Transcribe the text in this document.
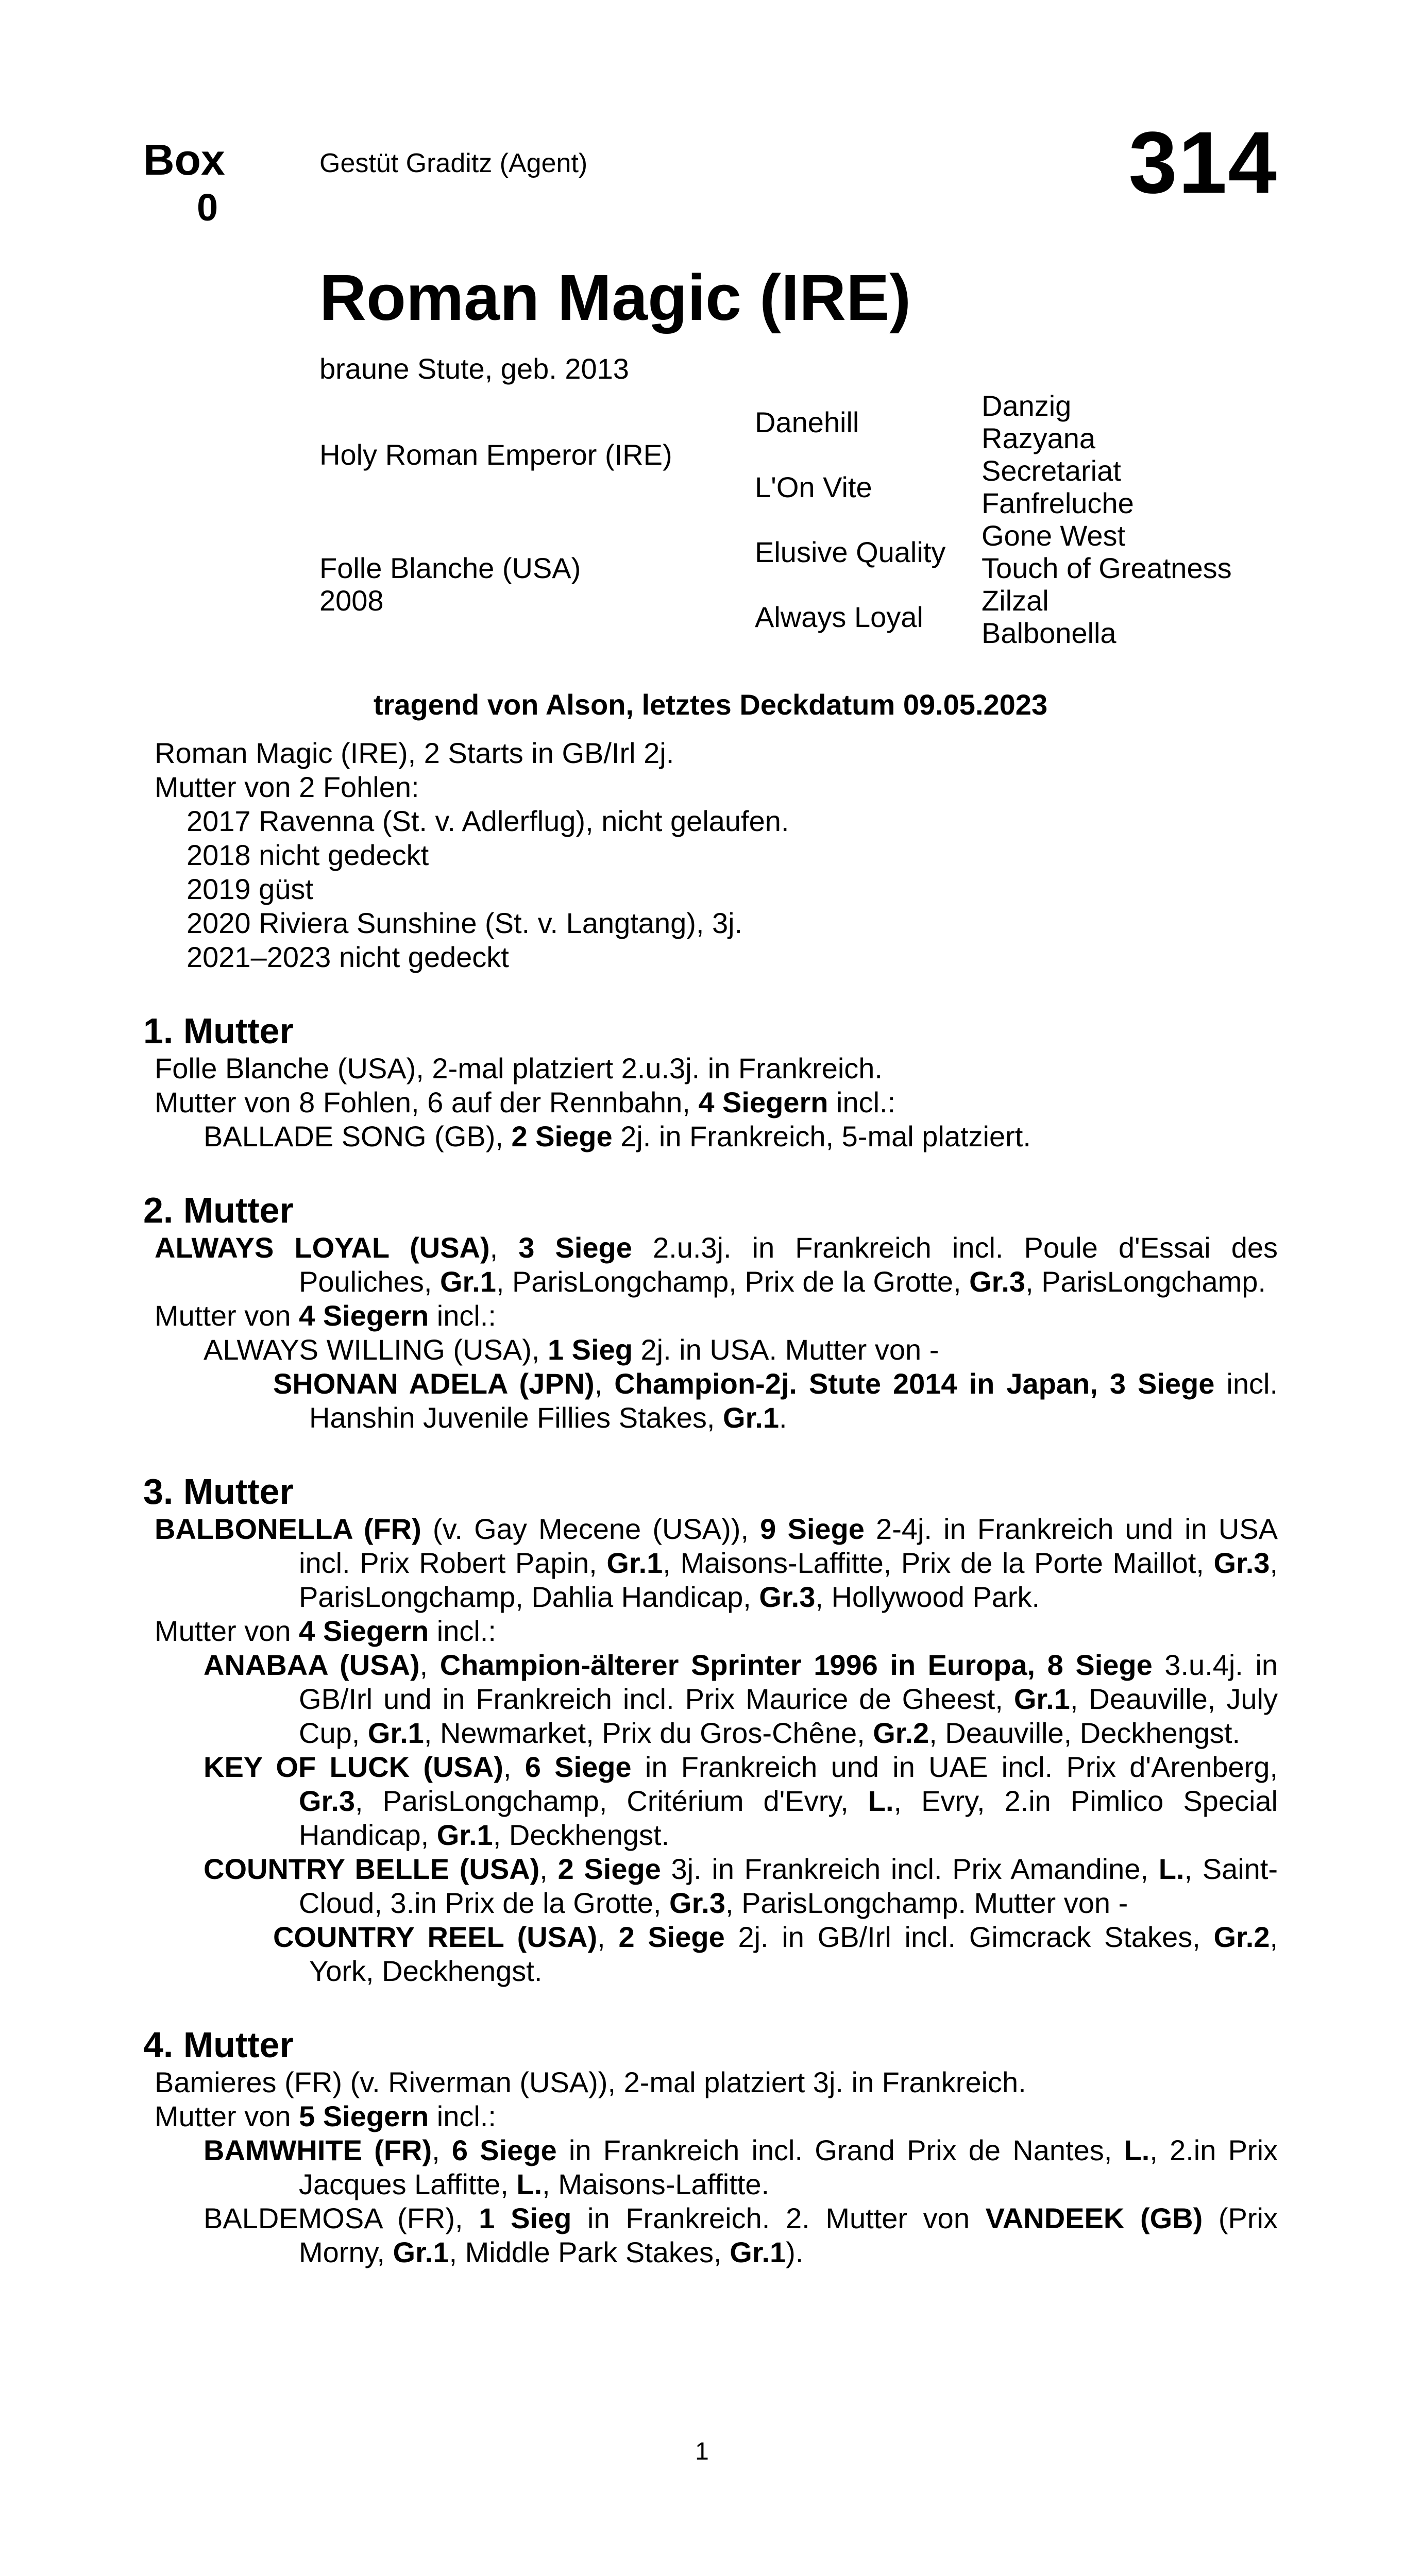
Box
0
Gestüt Graditz (Agent)	314
Roman Magic (IRE)
braune Stute, geb. 2013
Holy Roman Emperor (IRE)
Folle Blanche (USA)
2008
Danehill
L'On Vite
Elusive Quality
Always Loyal
Danzig
Razyana
Secretariat
Fanfreluche
Gone West
Touch of Greatness
Zilzal
Balbonella
tragend von Alson, letztes Deckdatum 09.05.2023
Roman Magic (IRE), 2 Starts in GB/Irl 2j.
Mutter von 2 Fohlen:
2017 Ravenna (St. v. Adlerflug), nicht gelaufen.
2018 nicht gedeckt
2019 güst
2020 Riviera Sunshine (St. v. Langtang), 3j.
2021–2023 nicht gedeckt
1. Mutter

Folle Blanche (USA), 2-mal platziert 2.u.3j. in Frankreich.

Mutter von 8 Fohlen, 6 auf der Rennbahn, 4 Siegern incl.:

BALLADE SONG (GB), 2 Siege 2j. in Frankreich, 5-mal platziert.

2. Mutter

ALWAYS LOYAL (USA), 3 Siege 2.u.3j. in Frankreich incl. Poule d'Essai des Pouliches, Gr.1, ParisLongchamp, Prix de la Grotte, Gr.3, ParisLongchamp.

Mutter von 4 Siegern incl.:

ALWAYS WILLING (USA), 1 Sieg 2j. in USA. Mutter von -

SHONAN ADELA (JPN), Champion-2j. Stute 2014 in Japan, 3 Siege incl. Hanshin Juvenile Fillies Stakes, Gr.1.

3. Mutter

BALBONELLA (FR) (v. Gay Mecene (USA)), 9 Siege 2-4j. in Frankreich und in USA incl. Prix Robert Papin, Gr.1, Maisons-Laffitte, Prix de la Porte Maillot, Gr.3, ParisLongchamp, Dahlia Handicap, Gr.3, Hollywood Park.

Mutter von 4 Siegern incl.:

ANABAA (USA), Champion-älterer Sprinter 1996 in Europa, 8 Siege 3.u.4j. in GB/Irl und in Frankreich incl. Prix Maurice de Gheest, Gr.1, Deauville, July Cup, Gr.1, Newmarket, Prix du Gros-Chêne, Gr.2, Deauville, Deckhengst.

KEY OF LUCK (USA), 6 Siege in Frankreich und in UAE incl. Prix d'Arenberg, Gr.3, ParisLongchamp, Critérium d'Evry, L., Evry, 2.in Pimlico Special Handicap, Gr.1, Deckhengst.

COUNTRY BELLE (USA), 2 Siege 3j. in Frankreich incl. Prix Amandine, L., Saint-Cloud, 3.in Prix de la Grotte, Gr.3, ParisLongchamp. Mutter von -

COUNTRY REEL (USA), 2 Siege 2j. in GB/Irl incl. Gimcrack Stakes, Gr.2, York, Deckhengst.

4. Mutter

Bamieres (FR) (v. Riverman (USA)), 2-mal platziert 3j. in Frankreich.

Mutter von 5 Siegern incl.:

BAMWHITE (FR), 6 Siege in Frankreich incl. Grand Prix de Nantes, L., 2.in Prix Jacques Laffitte, L., Maisons-Laffitte.

BALDEMOSA (FR), 1 Sieg in Frankreich. 2. Mutter von VANDEEK (GB) (Prix Morny, Gr.1, Middle Park Stakes, Gr.1).

1
